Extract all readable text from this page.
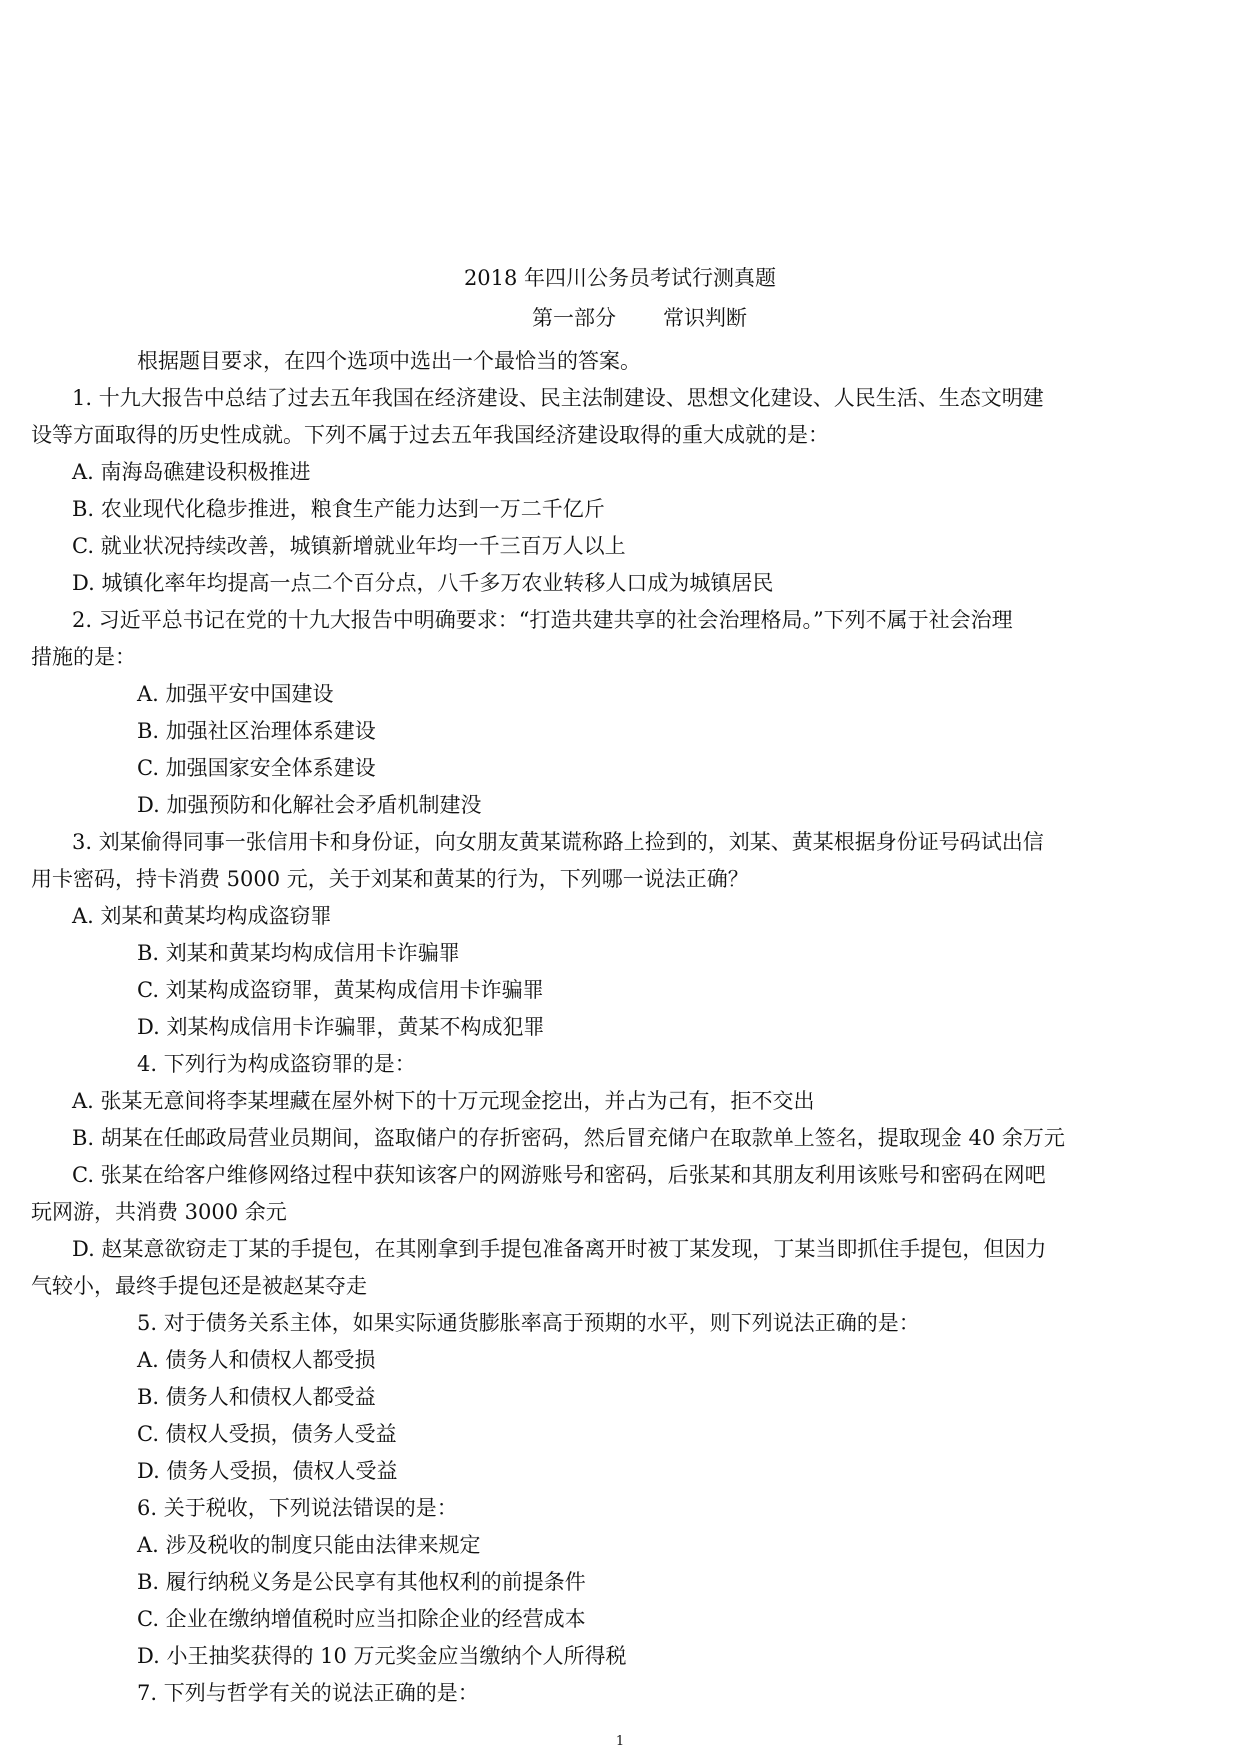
2018 年四川公务员考试行测真题
第一部分 常识判断
根据题目要求，在四个选项中选出一个最恰当的答案。
1. 十九大报告中总结了过去五年我国在经济建设、民主法制建设、思想文化建设、人民生活、生态文明建
设等方面取得的历史性成就。下列不属于过去五年我国经济建设取得的重大成就的是：
A. 南海岛礁建设积极推进
B. 农业现代化稳步推进，粮食生产能力达到一万二千亿斤
C. 就业状况持续改善，城镇新增就业年均一千三百万人以上
D. 城镇化率年均提高一点二个百分点，八千多万农业转移人口成为城镇居民
2. 习近平总书记在党的十九大报告中明确要求：“打造共建共享的社会治理格局。”下列不属于社会治理
措施的是：
A. 加强平安中国建设
B. 加强社区治理体系建设
C. 加强国家安全体系建设
D. 加强预防和化解社会矛盾机制建没
3. 刘某偷得同事一张信用卡和身份证，向女朋友黄某谎称路上捡到的，刘某、黄某根据身份证号码试出信
用卡密码，持卡消费 5000 元，关于刘某和黄某的行为，下列哪一说法正确？
A. 刘某和黄某均构成盗窃罪
B. 刘某和黄某均构成信用卡诈骗罪
C. 刘某构成盗窃罪，黄某构成信用卡诈骗罪
D. 刘某构成信用卡诈骗罪，黄某不构成犯罪
4. 下列行为构成盗窃罪的是：
A. 张某无意间将李某埋藏在屋外树下的十万元现金挖出，并占为己有，拒不交出
B. 胡某在任邮政局营业员期间，盗取储户的存折密码，然后冒充储户在取款单上签名，提取现金 40 余万元
C. 张某在给客户维修网络过程中获知该客户的网游账号和密码，后张某和其朋友利用该账号和密码在网吧
玩网游，共消费 3000 余元
D. 赵某意欲窃走丁某的手提包，在其刚拿到手提包准备离开时被丁某发现，丁某当即抓住手提包，但因力
气较小，最终手提包还是被赵某夺走
5. 对于债务关系主体，如果实际通货膨胀率高于预期的水平，则下列说法正确的是：
A. 债务人和债权人都受损
B. 债务人和债权人都受益
C. 债权人受损，债务人受益
D. 债务人受损，债权人受益
6. 关于税收，下列说法错误的是：
A. 涉及税收的制度只能由法律来规定
B. 履行纳税义务是公民享有其他权利的前提条件
C. 企业在缴纳增值税时应当扣除企业的经营成本
D. 小王抽奖获得的 10 万元奖金应当缴纳个人所得税
7. 下列与哲学有关的说法正确的是：
1
